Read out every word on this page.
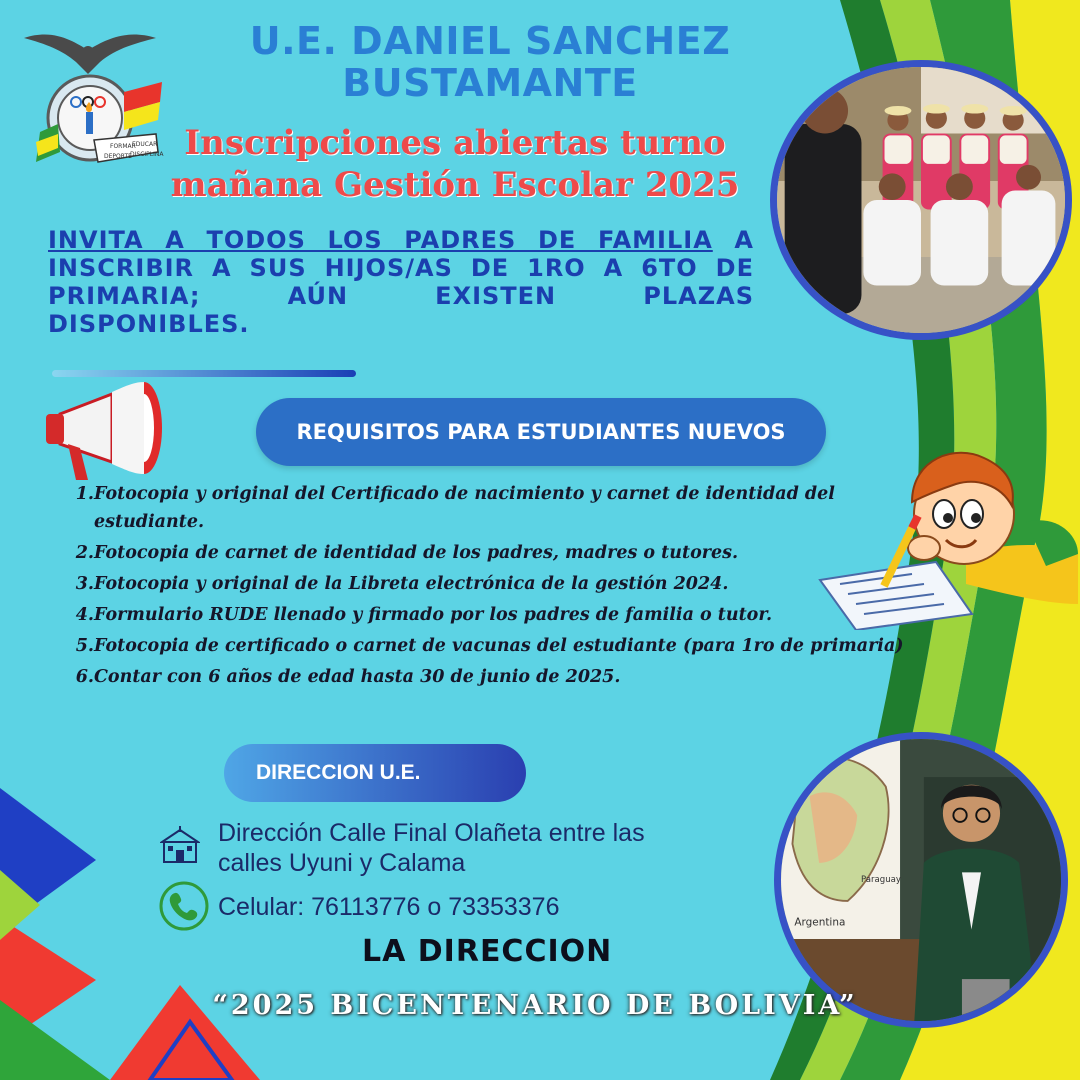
FORMAR
EDUCAR
DEPORTE
DISCIPLINA
U.E. DANIEL SANCHEZ
BUSTAMANTE
Inscripciones abiertas turno
mañana Gestión Escolar 2025
INVITA A TODOS LOS PADRES DE FAMILIA A INSCRIBIR A SUS HIJOS/AS DE 1RO A 6TO DE PRIMARIA; AÚN EXISTEN PLAZAS
DISPONIBLES.
REQUISITOS PARA ESTUDIANTES NUEVOS
1. Fotocopia y original del Certificado de nacimiento y carnet de identidad del estudiante.
2. Fotocopia de carnet de identidad de los padres, madres o tutores.
3. Fotocopia y original de la Libreta electrónica de la gestión 2024.
4. Formulario RUDE llenado y firmado por los padres de familia o tutor.
5. Fotocopia de certificado o carnet de vacunas del estudiante (para 1ro de primaria)
6. Contar con 6 años de edad hasta 30 de junio de 2025.
DIRECCION U.E.
Dirección Calle Final Olañeta entre las
calles Uyuni y Calama
Celular: 76113776 o 73353376
LA DIRECCION
Argentina
Paraguay
“2025 BICENTENARIO DE BOLIVIA”
